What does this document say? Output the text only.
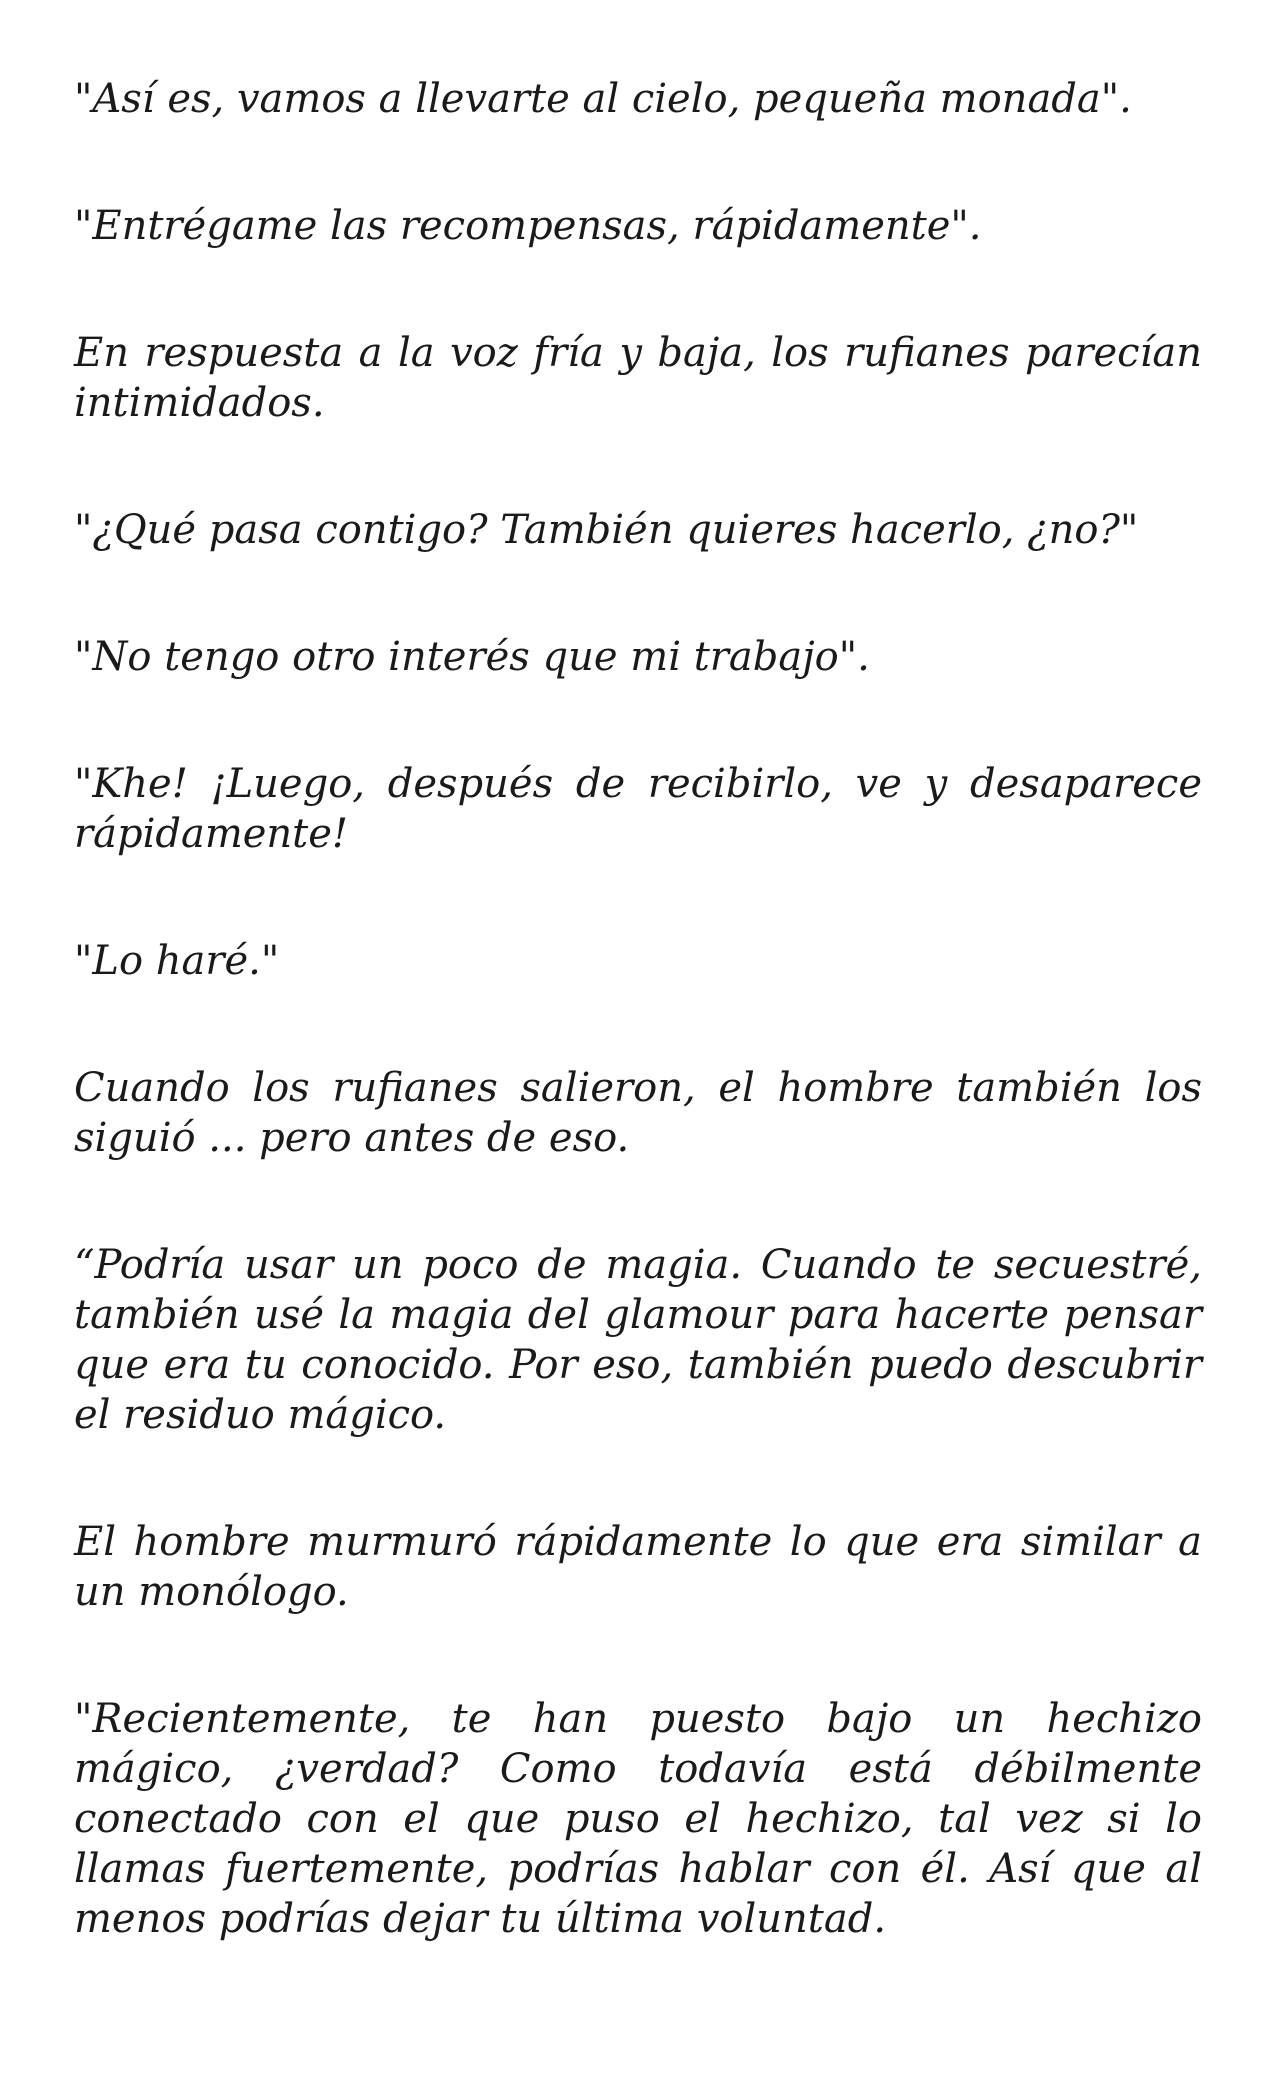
"Así es, vamos a llevarte al cielo, pequeña monada".

"Entrégame las recompensas, rápidamente".

En respuesta a la voz fría y baja, los rufianes parecían intimidados.

"¿Qué pasa contigo? También quieres hacerlo, ¿no?"

"No tengo otro interés que mi trabajo".

"Khe! ¡Luego, después de recibirlo, ve y desaparece rápidamente!

"Lo haré."

Cuando los rufianes salieron, el hombre también los siguió ... pero antes de eso.

“Podría usar un poco de magia. Cuando te secuestré, también usé la magia del glamour para hacerte pensar que era tu conocido. Por eso, también puedo descubrir el residuo mágico.

El hombre murmuró rápidamente lo que era similar a un monólogo.

"Recientemente, te han puesto bajo un hechizo mágico, ¿verdad? Como todavía está débilmente conectado con el que puso el hechizo, tal vez si lo llamas fuertemente, podrías hablar con él. Así que al menos podrías dejar tu última voluntad.
